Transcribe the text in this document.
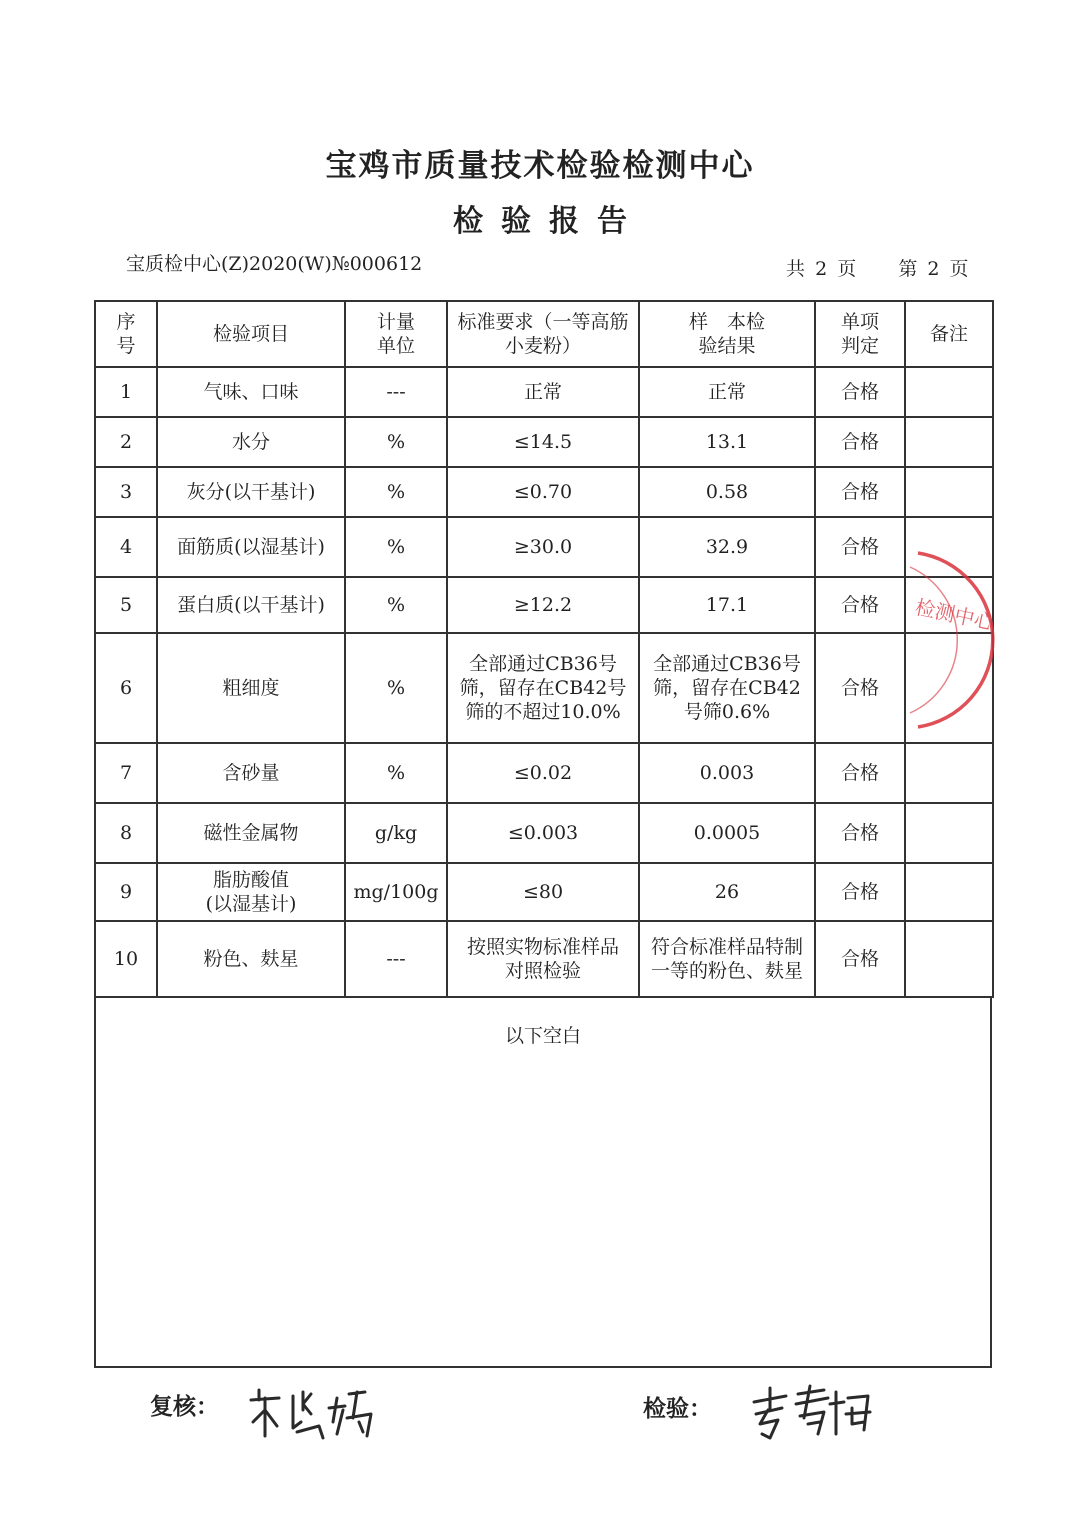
宝鸡市质量技术检验检测中心
检验报告
宝质检中心(Z)2020(W)№000612	共 2 页 第 2 页
序号	检验项目	计量单位	标准要求（一等高筋小麦粉）	样　本检验结果	单项判定	备注
1	气味、口味	---	正常	正常	合格	
2	水分	%	≤14.5	13.1	合格	
3	灰分(以干基计)	%	≤0.70	0.58	合格	
4	面筋质(以湿基计)	%	≥30.0	32.9	合格	
5	蛋白质(以干基计)	%	≥12.2	17.1	合格	
6	粗细度	%	全部通过CB36号筛，留存在CB42号筛的不超过10.0%	全部通过CB36号筛，留存在CB42号筛0.6%	合格	
7	含砂量	%	≤0.02	0.003	合格	
8	磁性金属物	g/kg	≤0.003	0.0005	合格	
9	脂肪酸值(以湿基计)	mg/100g	≤80	26	合格	
10	粉色、麸星	---	按照实物标准样品对照检验	符合标准样品特制一等的粉色、麸星	合格	
以下空白
检测中心
复核：	检验：
